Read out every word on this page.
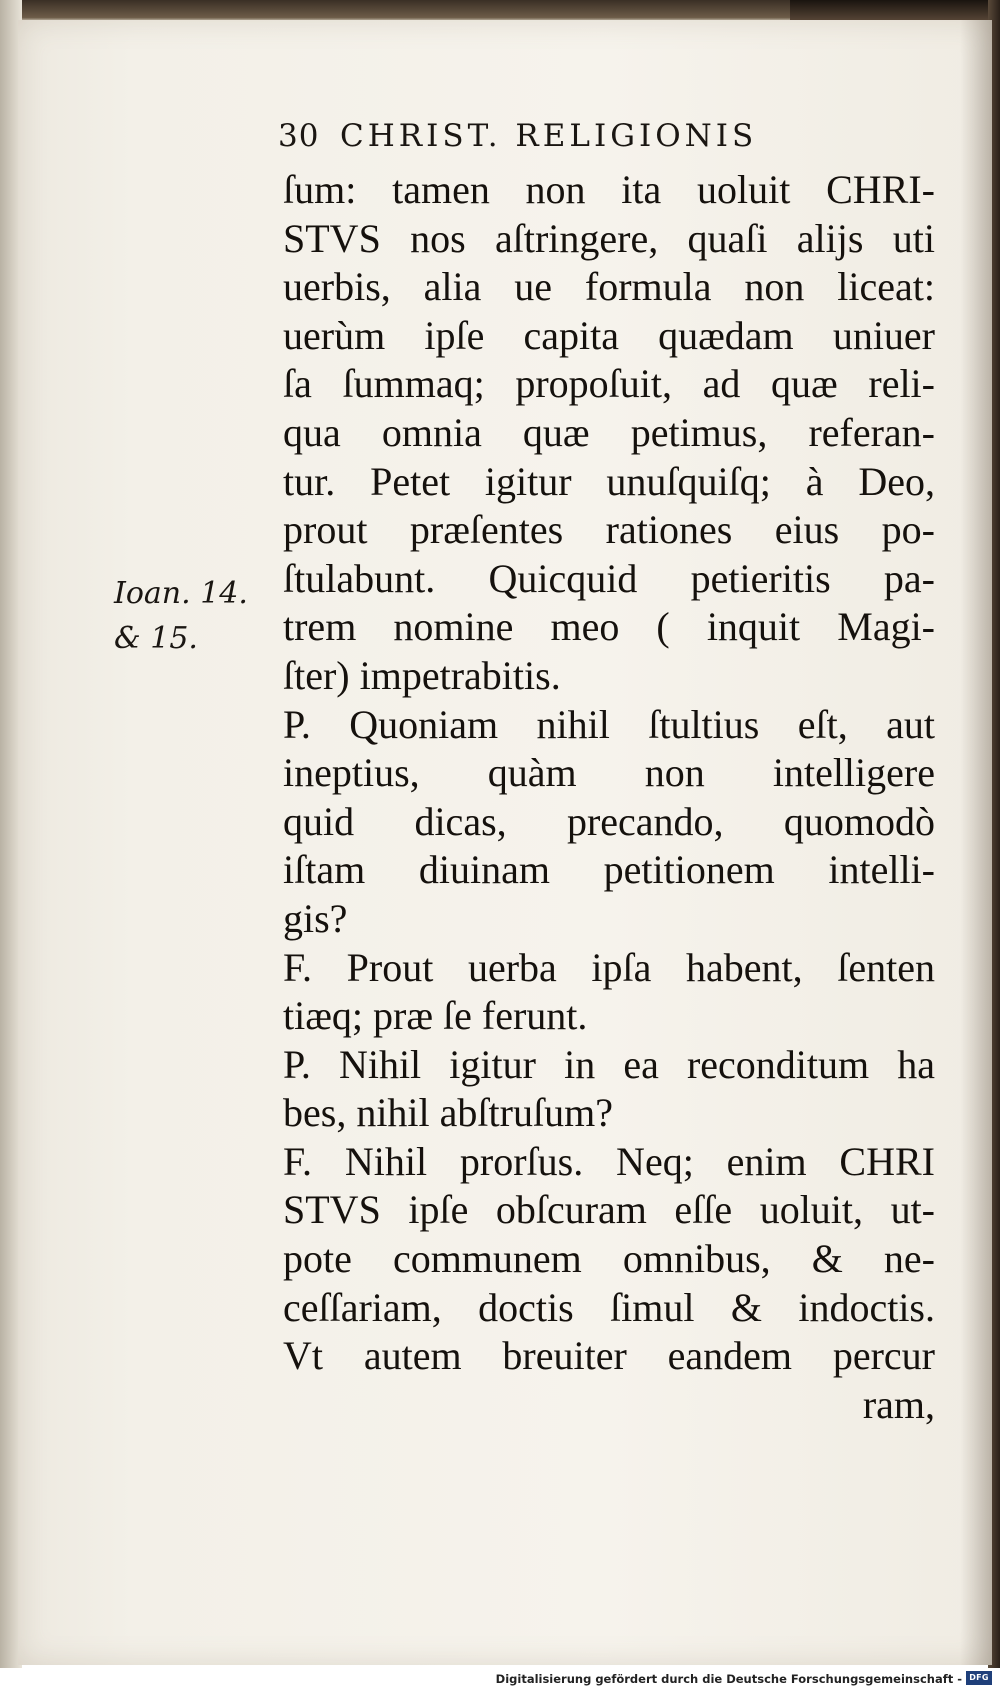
30 CHRIST. RELIGIONIS
Ioan. 14.
& 15.
ſum: tamen non ita uoluit CHRI-
STVS nos aſtringere, quaſi alijs uti
uerbis, alia ue formula non liceat:
uerùm ipſe capita quædam uniuer
ſa ſummaq; propoſuit, ad quæ reli-
qua omnia quæ petimus, referan-
tur. Petet igitur unuſquiſq; à Deo,
prout præſentes rationes eius po-
ſtulabunt. Quicquid petieritis pa-
trem nomine meo ( inquit Magi-
ſter) impetrabitis.
P. Quoniam nihil ſtultius eſt, aut
ineptius, quàm non intelligere
quid dicas, precando, quomodò
iſtam diuinam petitionem intelli-
gis?
F. Prout uerba ipſa habent, ſenten
tiæq; præ ſe ferunt.
P. Nihil igitur in ea reconditum ha
bes, nihil abſtruſum?
F. Nihil prorſus. Neq; enim CHRI
STVS ipſe obſcuram eſſe uoluit, ut-
pote communem omnibus, & ne-
ceſſariam, doctis ſimul & indoctis.
Vt autem breuiter eandem percur
ram,
Digitalisierung gefördert durch die Deutsche Forschungsgemeinschaft - DFG
